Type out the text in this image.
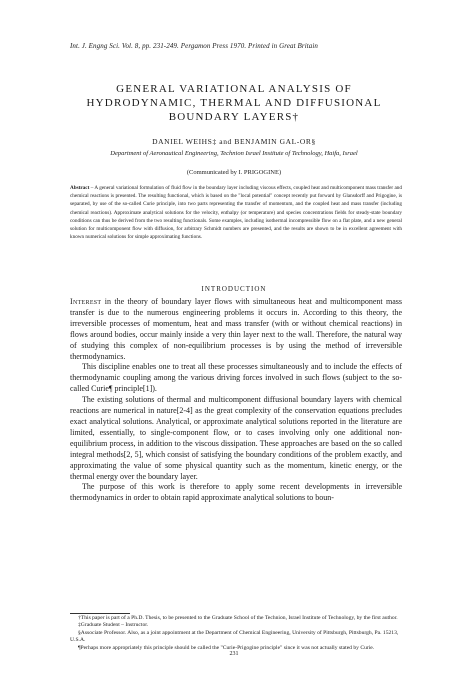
Int. J. Engng Sci. Vol. 8, pp. 231-249. Pergamon Press 1970. Printed in Great Britain
GENERAL VARIATIONAL ANALYSIS OF
HYDRODYNAMIC, THERMAL AND DIFFUSIONAL
BOUNDARY LAYERS†
DANIEL WEIHS‡ and BENJAMIN GAL-OR§
Department of Aeronautical Engineering, Technion Israel Institute of Technology, Haifa, Israel
(Communicated by I. PRIGOGINE)
Abstract – A general variational formulation of fluid flow in the boundary layer including viscous effects, coupled heat and multicomponent mass transfer and chemical reactions is presented. The resulting functional, which is based on the "local potential" concept recently put forward by Glansdorff and Prigogine, is separated, by use of the so-called Curie principle, into two parts representing the transfer of momentum, and the coupled heat and mass transfer (including chemical reactions). Approximate analytical solutions for the velocity, enthalpy (or temperature) and species concentrations fields for steady-state boundary conditions can thus be derived from the two resulting functionals. Some examples, including isothermal incompressible flow on a flat plate, and a new general solution for multicomponent flow with diffusion, for arbitrary Schmidt numbers are presented, and the results are shown to be in excellent agreement with known numerical solutions for simple approximating functions.
INTRODUCTION

Interest in the theory of boundary layer flows with simultaneous heat and multicomponent mass transfer is due to the numerous engineering problems it occurs in. According to this theory, the irreversible processes of momentum, heat and mass transfer (with or without chemical reactions) in flows around bodies, occur mainly inside a very thin layer next to the wall. Therefore, the natural way of studying this complex of non-equilibrium processes is by using the method of irreversible thermodynamics.

This discipline enables one to treat all these processes simultaneously and to include the effects of thermodynamic coupling among the various driving forces involved in such flows (subject to the so-called Curie¶ principle[1]).

The existing solutions of thermal and multicomponent diffusional boundary layers with chemical reactions are numerical in nature[2-4] as the great complexity of the conservation equations precludes exact analytical solutions. Analytical, or approximate analytical solutions reported in the literature are limited, essentially, to single-component flow, or to cases involving only one additional non-equilibrium process, in addition to the viscous dissipation. These approaches are based on the so called integral methods[2, 5], which consist of satisfying the boundary conditions of the problem exactly, and approximating the value of some physical quantity such as the momentum, kinetic energy, or the thermal energy over the boundary layer.

The purpose of this work is therefore to apply some recent developments in irreversible thermodynamics in order to obtain rapid approximate analytical solutions to boun-

†This paper is part of a Ph.D. Thesis, to be presented to the Graduate School of the Technion, Israel Institute of Technology, by the first author.
‡Graduate Student – Instructor.
§Associate Professor. Also, as a joint appointment at the Department of Chemical Engineering, University of Pittsburgh, Pittsburgh, Pa. 15213, U.S.A.
¶Perhaps more appropriately this principle should be called the "Curie-Prigogine principle" since it was not actually stated by Curie.
231
